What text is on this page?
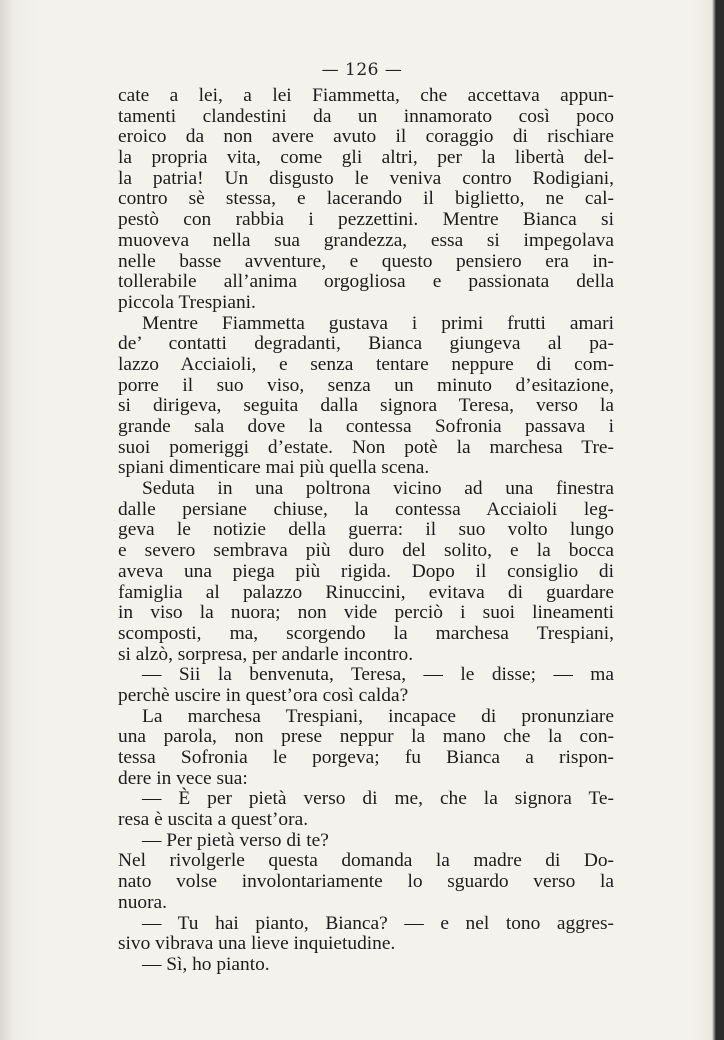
— 126 —
cate a lei, a lei Fiammetta, che accettava appun-
tamenti clandestini da un innamorato così poco
eroico da non avere avuto il coraggio di rischiare
la propria vita, come gli altri, per la libertà del-
la patria! Un disgusto le veniva contro Rodigiani,
contro sè stessa, e lacerando il biglietto, ne cal-
pestò con rabbia i pezzettini. Mentre Bianca si
muoveva nella sua grandezza, essa si impegolava
nelle basse avventure, e questo pensiero era in-
tollerabile all’anima orgogliosa e passionata della
piccola Trespiani.
Mentre Fiammetta gustava i primi frutti amari
de’ contatti degradanti, Bianca giungeva al pa-
lazzo Acciaioli, e senza tentare neppure di com-
porre il suo viso, senza un minuto d’esitazione,
si dirigeva, seguita dalla signora Teresa, verso la
grande sala dove la contessa Sofronia passava i
suoi pomeriggi d’estate. Non potè la marchesa Tre-
spiani dimenticare mai più quella scena.
Seduta in una poltrona vicino ad una finestra
dalle persiane chiuse, la contessa Acciaioli leg-
geva le notizie della guerra: il suo volto lungo
e severo sembrava più duro del solito, e la bocca
aveva una piega più rigida. Dopo il consiglio di
famiglia al palazzo Rinuccini, evitava di guardare
in viso la nuora; non vide perciò i suoi lineamenti
scomposti, ma, scorgendo la marchesa Trespiani,
si alzò, sorpresa, per andarle incontro.
— Sii la benvenuta, Teresa, — le disse; — ma
perchè uscire in quest’ora così calda?
La marchesa Trespiani, incapace di pronunziare
una parola, non prese neppur la mano che la con-
tessa Sofronia le porgeva; fu Bianca a rispon-
dere in vece sua:
— È per pietà verso di me, che la signora Te-
resa è uscita a quest’ora.
— Per pietà verso di te?
Nel rivolgerle questa domanda la madre di Do-
nato volse involontariamente lo sguardo verso la
nuora.
— Tu hai pianto, Bianca? — e nel tono aggres-
sivo vibrava una lieve inquietudine.
— Sì, ho pianto.
